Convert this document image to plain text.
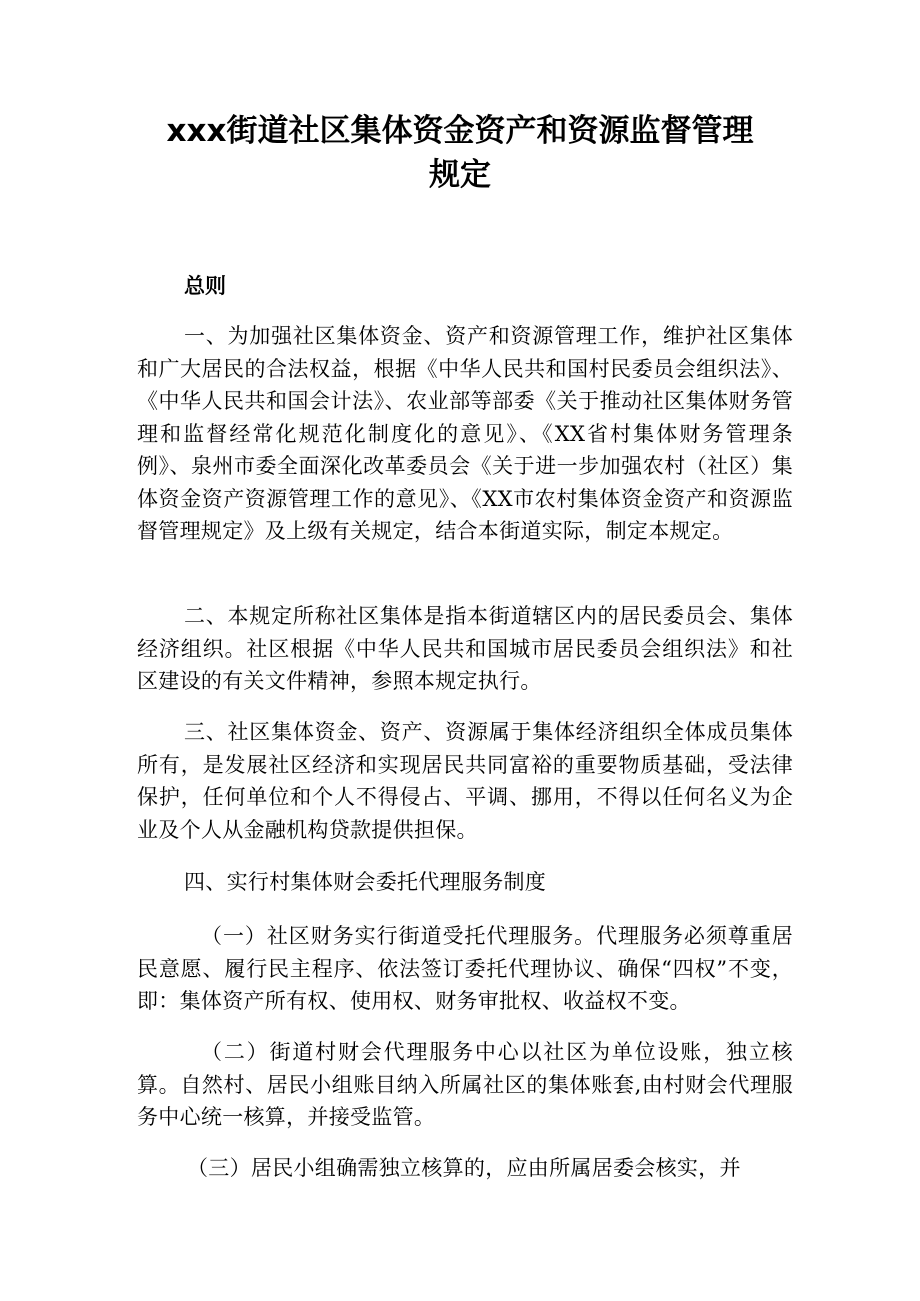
xxx街道社区集体资金资产和资源监督管理
规定
总则

一、为加强社区集体资金、资产和资源管理工作，维护社区集体和广大居民的合法权益，根据《中华人民共和国村民委员会组织法》、《中华人民共和国会计法》、农业部等部委《关于推动社区集体财务管理和监督经常化规范化制度化的意见》、《XX省村集体财务管理条例》、泉州市委全面深化改革委员会《关于进一步加强农村（社区）集体资金资产资源管理工作的意见》、《XX市农村集体资金资产和资源监督管理规定》及上级有关规定，结合本街道实际，制定本规定。

二、本规定所称社区集体是指本街道辖区内的居民委员会、集体经济组织。社区根据《中华人民共和国城市居民委员会组织法》和社区建设的有关文件精神，参照本规定执行。

三、社区集体资金、资产、资源属于集体经济组织全体成员集体所有，是发展社区经济和实现居民共同富裕的重要物质基础，受法律保护，任何单位和个人不得侵占、平调、挪用，不得以任何名义为企业及个人从金融机构贷款提供担保。

四、实行村集体财会委托代理服务制度

（一）社区财务实行街道受托代理服务。代理服务必须尊重居民意愿、履行民主程序、依法签订委托代理协议、确保“四权”不变，即：集体资产所有权、使用权、财务审批权、收益权不变。

（二）街道村财会代理服务中心以社区为单位设账，独立核算。自然村、居民小组账目纳入所属社区的集体账套,由村财会代理服务中心统一核算，并接受监管。

（三）居民小组确需独立核算的，应由所属居委会核实，并
